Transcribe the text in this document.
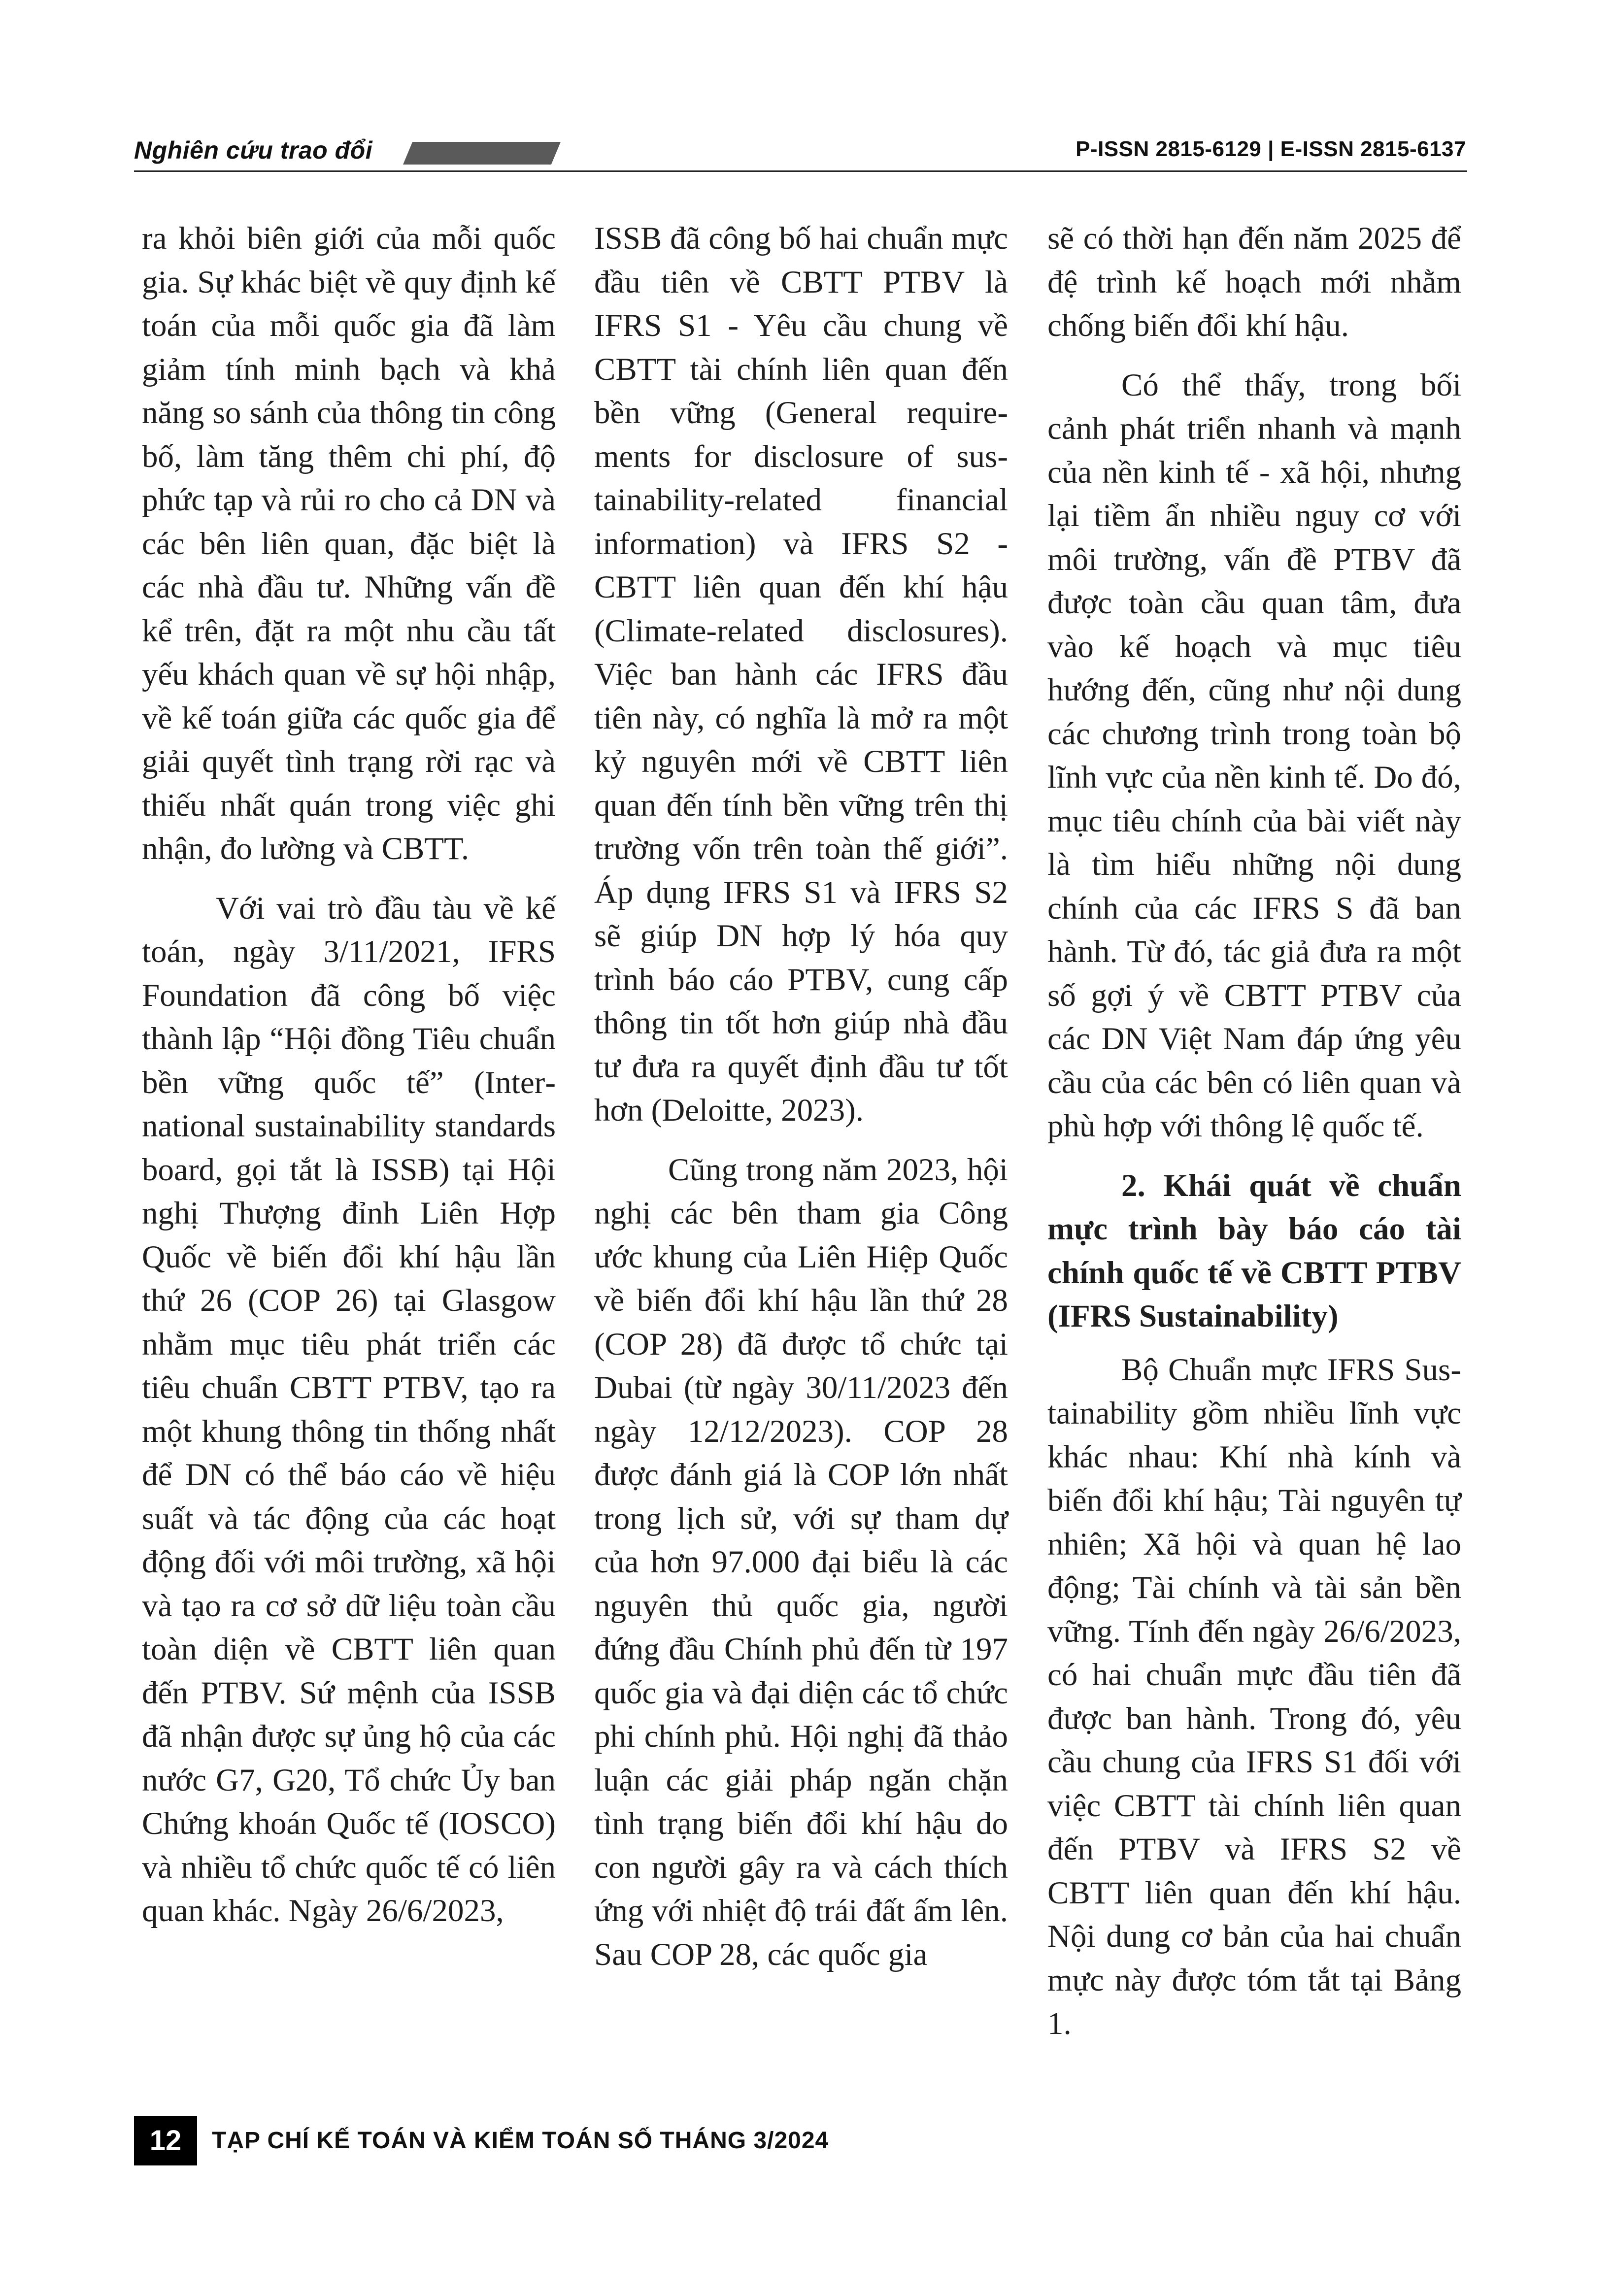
Nghiên cứu trao đổi	P-ISSN 2815-6129 | E-ISSN 2815-6137

ra khỏi biên giới của mỗi quốc gia. Sự khác biệt về quy định kế toán của mỗi quốc gia đã làm giảm tính minh bạch và khả năng so sánh của thông tin công bố, làm tăng thêm chi phí, độ phức tạp và rủi ro cho cả DN và các bên liên quan, đặc biệt là các nhà đầu tư. Những vấn đề kể trên, đặt ra một nhu cầu tất yếu khách quan về sự hội nhập, về kế toán giữa các quốc gia để giải quyết tình trạng rời rạc và thiếu nhất quán trong việc ghi nhận, đo lường và CBTT.

Với vai trò đầu tàu về kế toán, ngày 3/11/2021, IFRS Foundation đã công bố việc thành lập “Hội đồng Tiêu chuẩn bền vững quốc tế” (International sustainability standards board, gọi tắt là ISSB) tại Hội nghị Thượng đỉnh Liên Hợp Quốc về biến đổi khí hậu lần thứ 26 (COP 26) tại Glasgow nhằm mục tiêu phát triển các tiêu chuẩn CBTT PTBV, tạo ra một khung thông tin thống nhất để DN có thể báo cáo về hiệu suất và tác động của các hoạt động đối với môi trường, xã hội và tạo ra cơ sở dữ liệu toàn cầu toàn diện về CBTT liên quan đến PTBV. Sứ mệnh của ISSB đã nhận được sự ủng hộ của các nước G7, G20, Tổ chức Ủy ban Chứng khoán Quốc tế (IOSCO) và nhiều tổ chức quốc tế có liên quan khác. Ngày 26/6/2023,

ISSB đã công bố hai chuẩn mực đầu tiên về CBTT PTBV là IFRS S1 - Yêu cầu chung về CBTT tài chính liên quan đến bền vững (General requirements for disclosure of sustainability-related financial information) và IFRS S2 - CBTT liên quan đến khí hậu (Climate-related disclosures). Việc ban hành các IFRS đầu tiên này, có nghĩa là mở ra một kỷ nguyên mới về CBTT liên quan đến tính bền vững trên thị trường vốn trên toàn thế giới”. Áp dụng IFRS S1 và IFRS S2 sẽ giúp DN hợp lý hóa quy trình báo cáo PTBV, cung cấp thông tin tốt hơn giúp nhà đầu tư đưa ra quyết định đầu tư tốt hơn (Deloitte, 2023).

Cũng trong năm 2023, hội nghị các bên tham gia Công ước khung của Liên Hiệp Quốc về biến đổi khí hậu lần thứ 28 (COP 28) đã được tổ chức tại Dubai (từ ngày 30/11/2023 đến ngày 12/12/2023). COP 28 được đánh giá là COP lớn nhất trong lịch sử, với sự tham dự của hơn 97.000 đại biểu là các nguyên thủ quốc gia, người đứng đầu Chính phủ đến từ 197 quốc gia và đại diện các tổ chức phi chính phủ. Hội nghị đã thảo luận các giải pháp ngăn chặn tình trạng biến đổi khí hậu do con người gây ra và cách thích ứng với nhiệt độ trái đất ấm lên. Sau COP 28, các quốc gia

sẽ có thời hạn đến năm 2025 để đệ trình kế hoạch mới nhằm chống biến đổi khí hậu.

Có thể thấy, trong bối cảnh phát triển nhanh và mạnh của nền kinh tế - xã hội, nhưng lại tiềm ẩn nhiều nguy cơ với môi trường, vấn đề PTBV đã được toàn cầu quan tâm, đưa vào kế hoạch và mục tiêu hướng đến, cũng như nội dung các chương trình trong toàn bộ lĩnh vực của nền kinh tế. Do đó, mục tiêu chính của bài viết này là tìm hiểu những nội dung chính của các IFRS S đã ban hành. Từ đó, tác giả đưa ra một số gợi ý về CBTT PTBV của các DN Việt Nam đáp ứng yêu cầu của các bên có liên quan và phù hợp với thông lệ quốc tế.

2. Khái quát về chuẩn mực trình bày báo cáo tài chính quốc tế về CBTT PTBV (IFRS Sustainability)

Bộ Chuẩn mực IFRS Sustainability gồm nhiều lĩnh vực khác nhau: Khí nhà kính và biến đổi khí hậu; Tài nguyên tự nhiên; Xã hội và quan hệ lao động; Tài chính và tài sản bền vững. Tính đến ngày 26/6/2023, có hai chuẩn mực đầu tiên đã được ban hành. Trong đó, yêu cầu chung của IFRS S1 đối với việc CBTT tài chính liên quan đến PTBV và IFRS S2 về CBTT liên quan đến khí hậu. Nội dung cơ bản của hai chuẩn mực này được tóm tắt tại Bảng 1.

12	TẠP CHÍ KẾ TOÁN VÀ KIỂM TOÁN SỐ THÁNG 3/2024
